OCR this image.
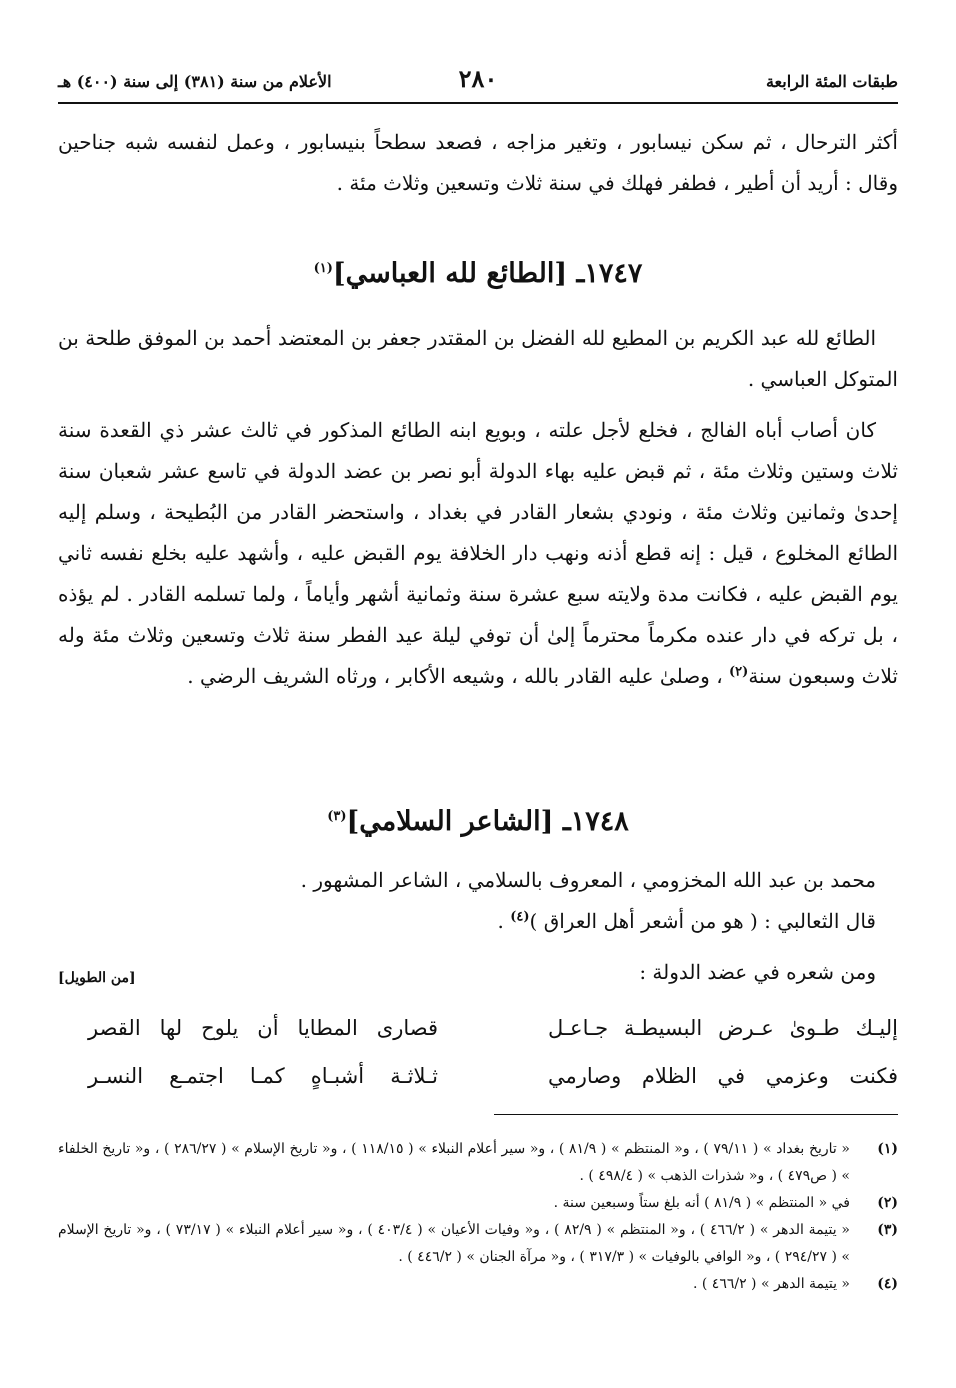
طبقات المئة الرابعة
٢٨٠
الأعلام من سنة (٣٨١) إلى سنة (٤٠٠) هـ

أكثر الترحال ، ثم سكن نيسابور ، وتغير مزاجه ، فصعد سطحاً بنيسابور ، وعمل لنفسه شبه جناحين وقال : أريد أن أطير ، فطفر فهلك في سنة ثلاث وتسعين وثلاث مئة .

١٧٤٧ـ [الطائع لله العباسي]$^{(١)}$

الطائع لله عبد الكريم بن المطيع لله الفضل بن المقتدر جعفر بن المعتضد أحمد بن الموفق طلحة بن المتوكل العباسي .

كان أصاب أباه الفالج ، فخلع لأجل علته ، وبويع ابنه الطائع المذكور في ثالث عشر ذي القعدة سنة ثلاث وستين وثلاث مئة ، ثم قبض عليه بهاء الدولة أبو نصر بن عضد الدولة في تاسع عشر شعبان سنة إحدىٰ وثمانين وثلاث مئة ، ونودي بشعار القادر في بغداد ، واستحضر القادر من البُطيحة ، وسلم إليه الطائع المخلوع ، قيل : إنه قطع أذنه ونهب دار الخلافة يوم القبض عليه ، وأشهد عليه بخلع نفسه ثاني يوم القبض عليه ، فكانت مدة ولايته سبع عشرة سنة وثمانية أشهر وأياماً ، ولما تسلمه القادر . لم يؤذه ، بل تركه في دار عنده مكرماً محترماً إلىٰ أن توفي ليلة عيد الفطر سنة ثلاث وتسعين وثلاث مئة وله ثلاث وسبعون سنة$^{(٢)}$ ، وصلىٰ عليه القادر بالله ، وشيعه الأكابر ، ورثاه الشريف الرضي .

١٧٤٨ـ [الشاعر السلامي]$^{(٣)}$

محمد بن عبد الله المخزومي ، المعروف بالسلامي ، الشاعر المشهور .

قال الثعالبي : ( هو من أشعر أهل العراق )$^{(٤)}$ .

ومن شعره في عضد الدولة :

[من الطويل]
إليـك طـوىٰ عـرض البسيطـة جـاعـل
قصارى المطايا أن يلوح لها القصر
فكنت وعزمي في الظلام وصارمي
ثـلاثـة أشبـاهٍ كمـا اجتمـع النسـر
(١)
« تاريخ بغداد » ( ٧٩/١١ ) ، و« المنتظم » ( ٨١/٩ ) ، و« سير أعلام النبلاء » ( ١١٨/١٥ ) ، و« تاريخ الإسلام » ( ٢٨٦/٢٧ ) ، و« تاريخ الخلفاء » ( ص٤٧٩ ) ، و« شذرات الذهب » ( ٤٩٨/٤ ) .
(٢)
في « المنتظم » ( ٨١/٩ ) أنه بلغ ستاً وسبعين سنة .
(٣)
« يتيمة الدهر » ( ٤٦٦/٢ ) ، و« المنتظم » ( ٨٢/٩ ) ، و« وفيات الأعيان » ( ٤٠٣/٤ ) ، و« سير أعلام النبلاء » ( ٧٣/١٧ ) ، و« تاريخ الإسلام » ( ٢٩٤/٢٧ ) ، و« الوافي بالوفيات » ( ٣١٧/٣ ) ، و« مرآة الجنان » ( ٤٤٦/٢ ) .
(٤)
« يتيمة الدهر » ( ٤٦٦/٢ ) .
